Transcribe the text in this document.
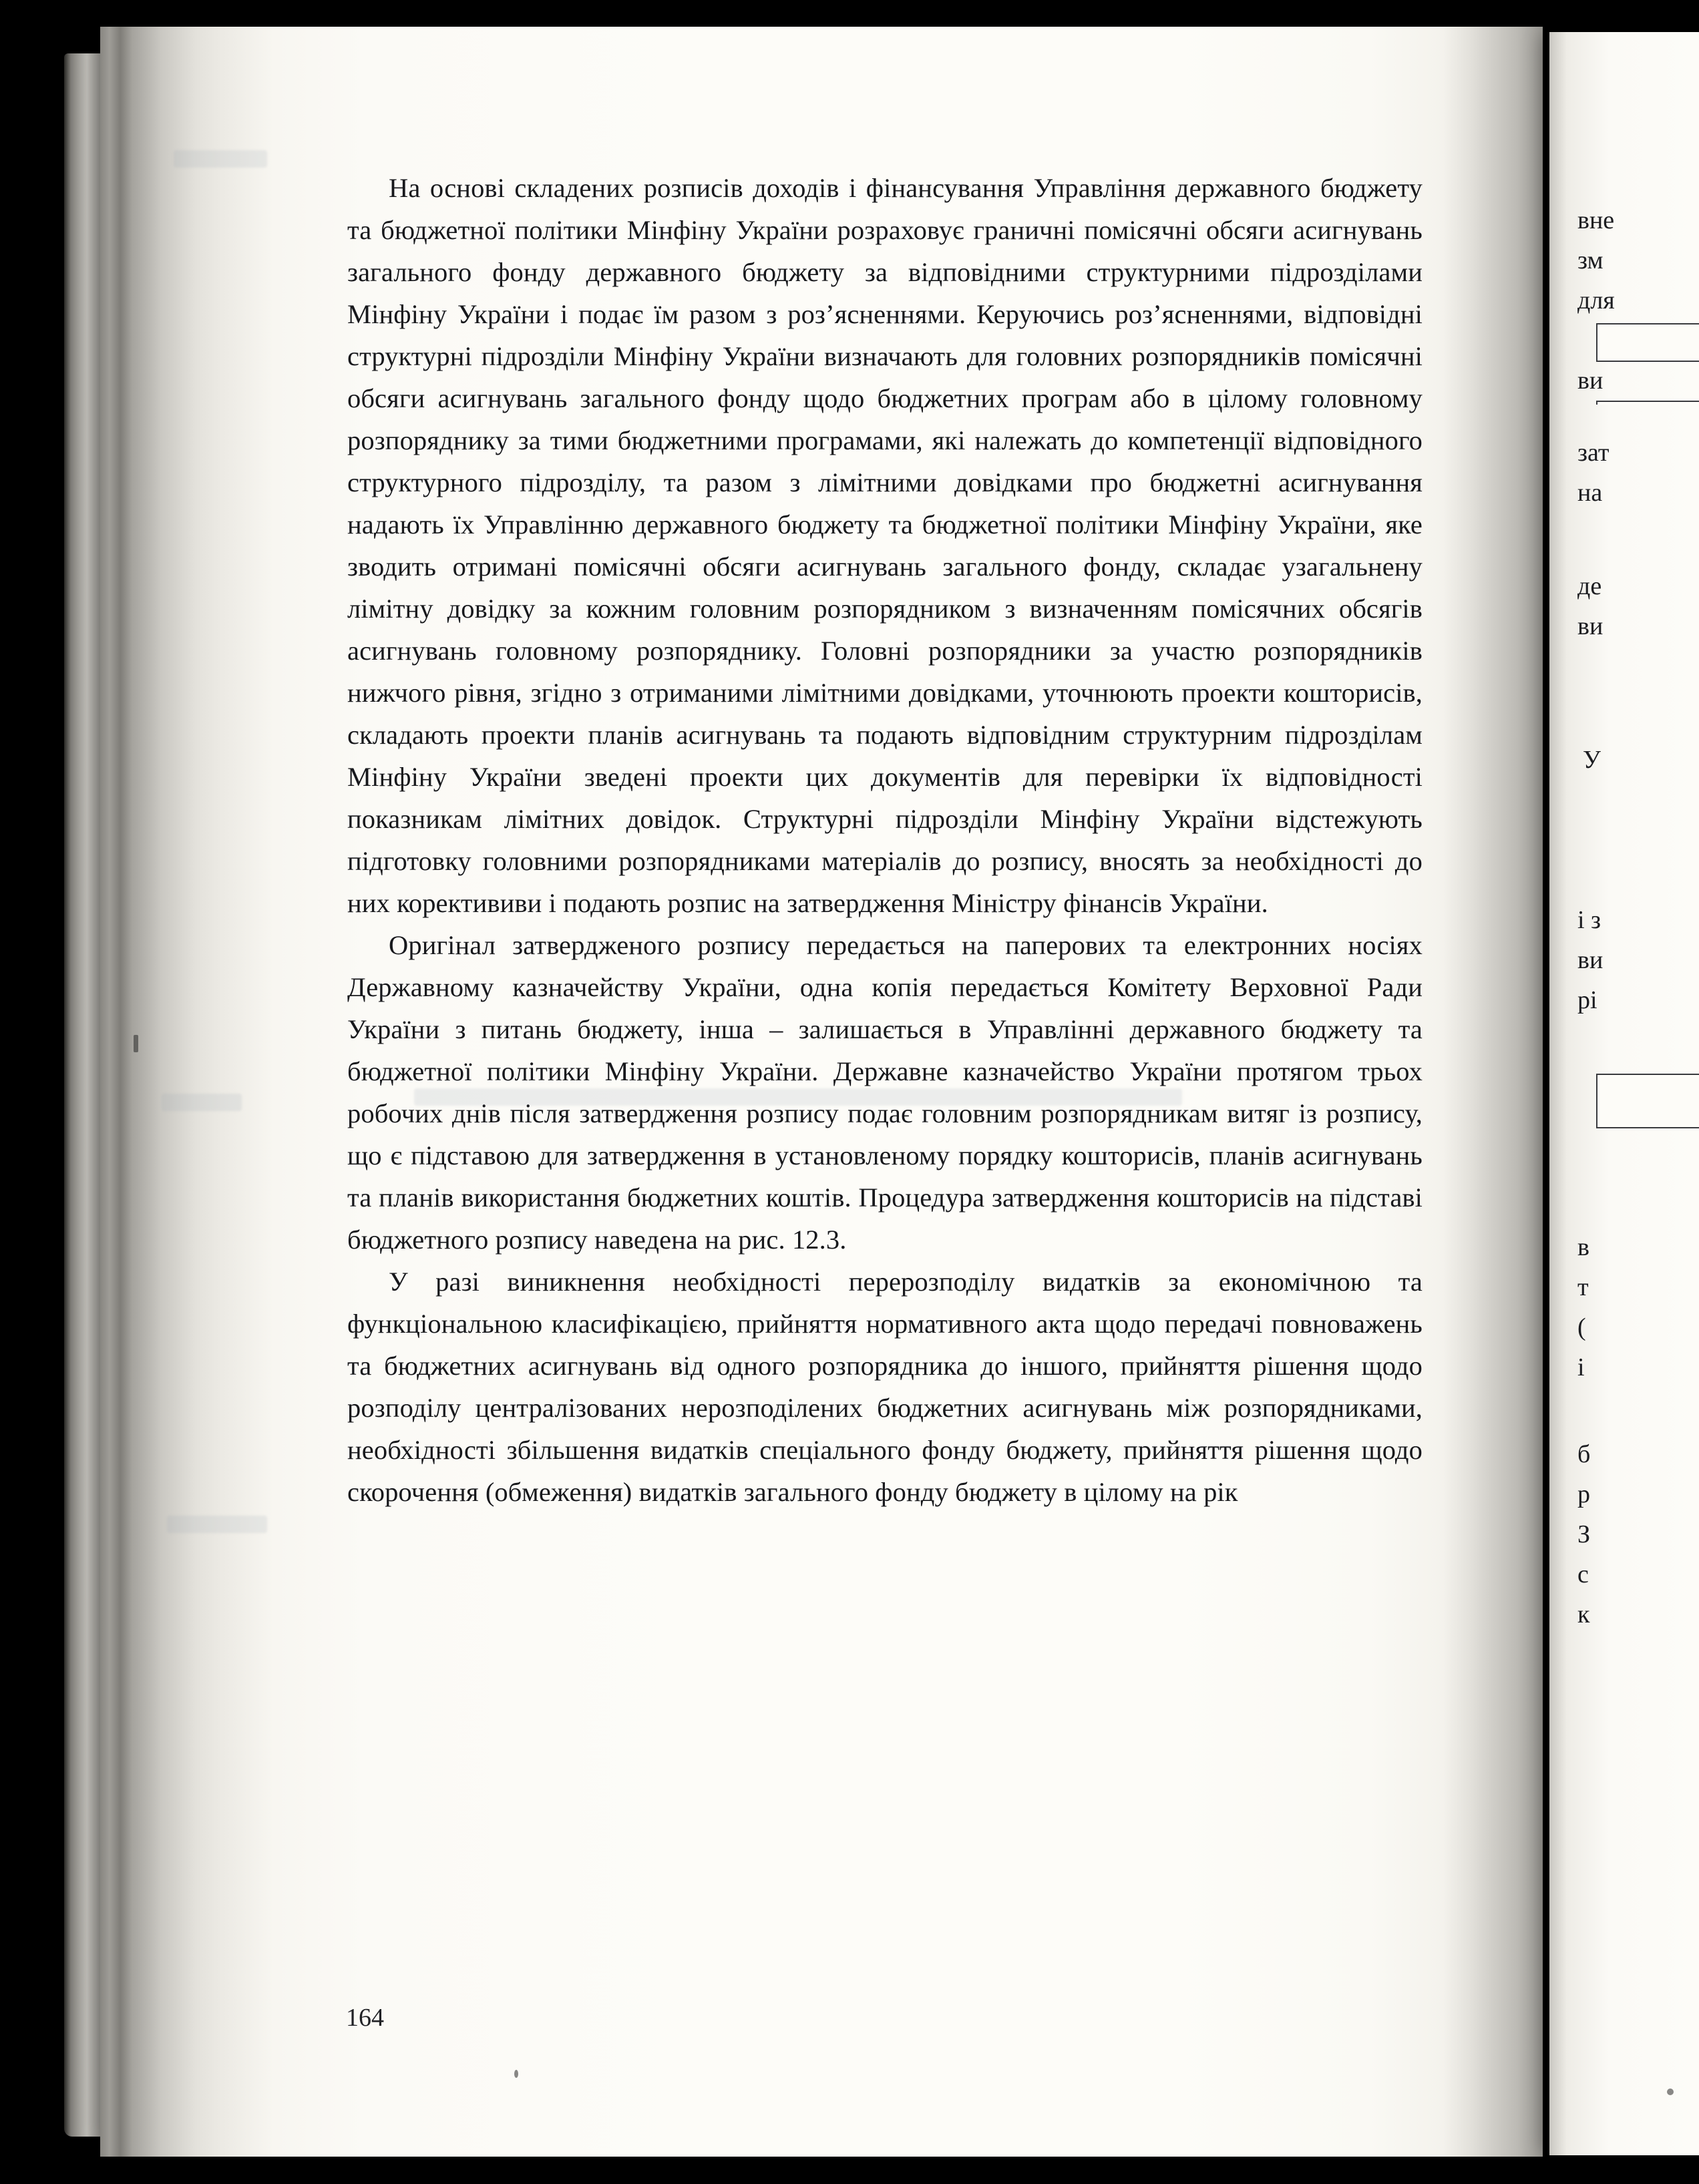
На основі складених розписів доходів і фінансування Управління державного бюджету та бюджетної політики Мінфіну України розраховує граничні помісячні обсяги асигнувань загального фонду державного бюджету за відповідними структурними підрозділами Мінфіну України і подає їм разом з роз’ясненнями. Керуючись роз’ясненнями, відповідні структурні підрозділи Мінфіну України визначають для головних розпорядників помісячні обсяги асигнувань загального фонду щодо бюджетних програм або в цілому головному розпоряднику за тими бюджетними програмами, які належать до компетенції відповідного структурного підрозділу, та разом з лімітними довідками про бюджетні асигнування надають їх Управлінню державного бюджету та бюджетної політики Мінфіну України, яке зводить отримані помісячні обсяги асигнувань загального фонду, складає узагальнену лімітну довідку за кожним головним розпорядником з визначенням помісячних обсягів асигнувань головному розпоряднику. Головні розпорядники за участю розпорядників нижчого рівня, згідно з отриманими лімітними довідками, уточнюють проекти кошторисів, складають проекти планів асигнувань та подають відповідним структурним підрозділам Мінфіну України зведені проекти цих документів для перевірки їх відповідності показникам лімітних довідок. Структурні підрозділи Мінфіну України відстежують підготовку головними розпорядниками матеріалів до розпису, вносять за необхідності до них коректививи і подають розпис на затвердження Міністру фінансів України.

Оригінал затвердженого розпису передається на паперових та електронних носіях Державному казначейству України, одна копія передається Комітету Верховної Ради України з питань бюджету, інша – залишається в Управлінні державного бюджету та бюджетної політики Мінфіну України. Державне казначейство України протягом трьох робочих днів після затвердження розпису подає головним розпорядникам витяг із розпису, що є підставою для затвердження в установленому порядку кошторисів, планів асигнувань та планів використання бюджетних коштів. Процедура затвердження кошторисів на підставі бюджетного розпису наведена на рис. 12.3.

У разі виникнення необхідності перерозподілу видатків за економічною та функціональною класифікацією, прийняття нормативного акта щодо передачі повноважень та бюджетних асигнувань від одного розпорядника до іншого, прийняття рішення щодо розподілу централізованих нерозподілених бюджетних асигнувань між розпорядниками, необхідності збільшення видатків спеціального фонду бюджету, прийняття рішення щодо скорочення (обмеження) видатків загального фонду бюджету в цілому на рік

164
вне
зм
для
ви
зат
на
де
ви
У
і з
ви
рі
в
т
(
і
б
р
З
с
к
